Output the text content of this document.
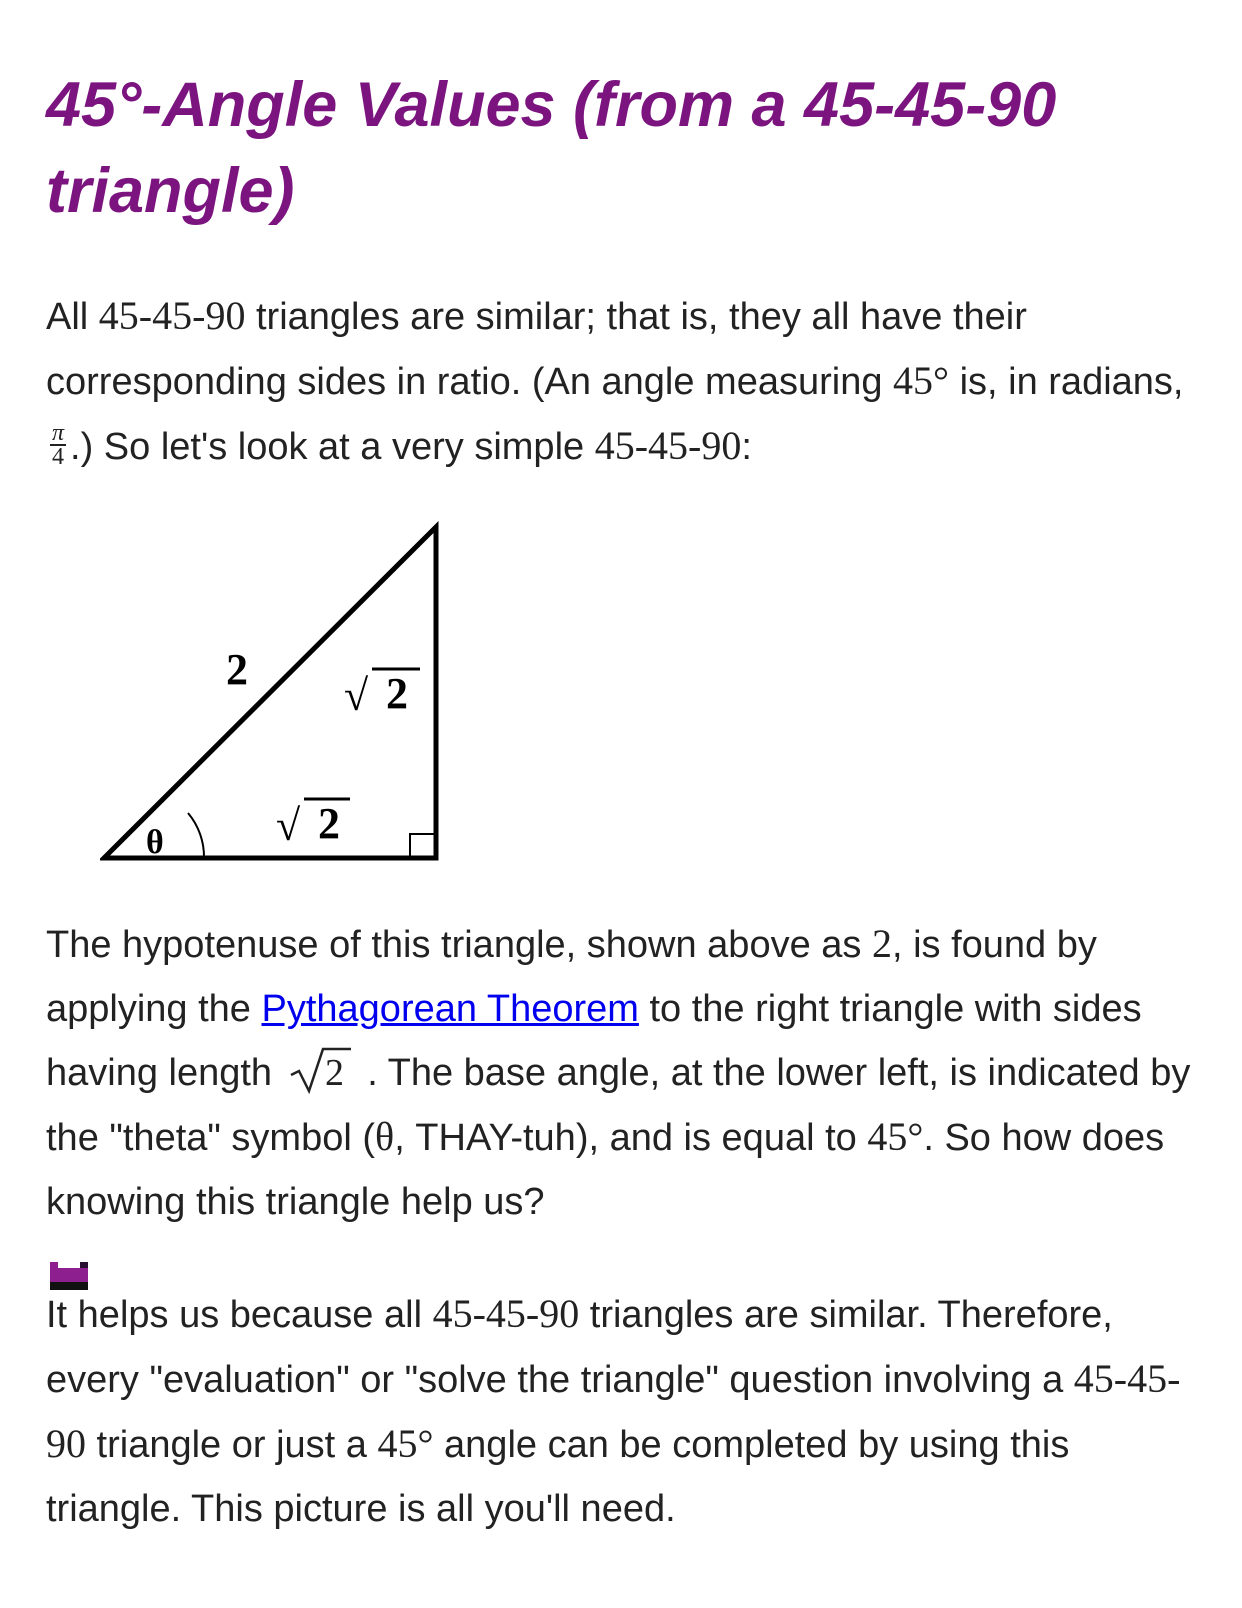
45°-Angle Values (from a 45-45-90 triangle)

All 45-45-90 triangles are similar; that is, they all have their corresponding sides in ratio. (An angle measuring 45° is, in radians,
$\frac{\pi}{4}$ .) So let's look at a very simple 45-45-90:

The hypotenuse of this triangle, shown above as 2, is found by applying the Pythagorean Theorem to the right triangle with sides having length 2 . The base angle, at the lower left, is indicated by the "theta" symbol (θ, THAY-tuh), and is equal to 45°. So how does knowing this triangle help us?

It helps us because all 45-45-90 triangles are similar. Therefore, every "evaluation" or "solve the triangle" question involving a 45-45-90 triangle or just a 45° angle can be completed by using this triangle. This picture is all you'll need.

θ
2
√ 2
√ 2
